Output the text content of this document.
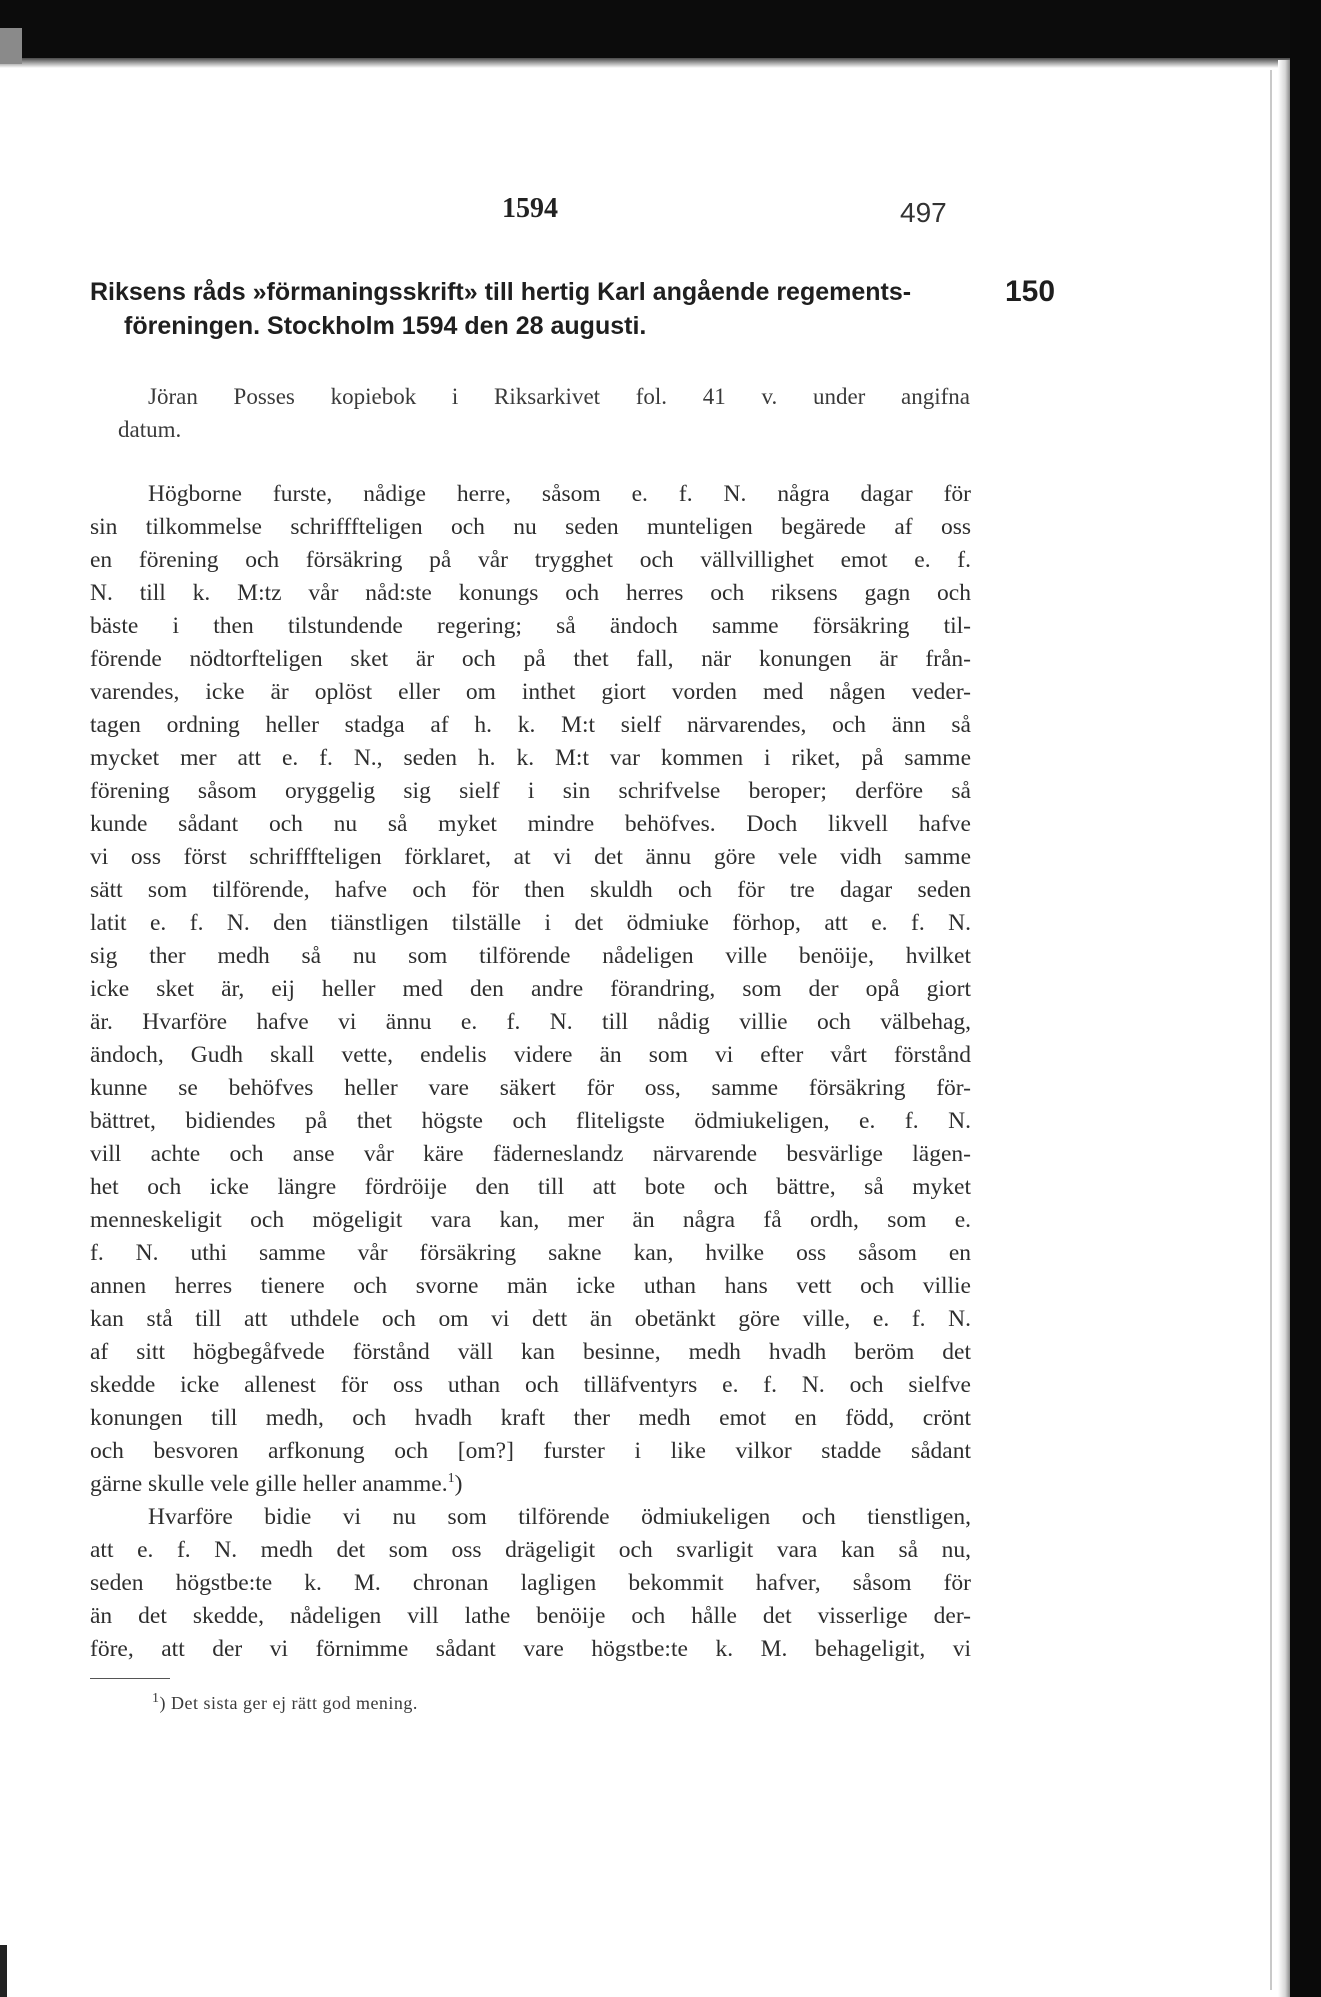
1594	497
Riksens råds »förmaningsskrift» till hertig Karl angående regements-
föreningen. Stockholm 1594 den 28 augusti.
150
Jöran Posses kopiebok i Riksarkivet fol. 41 v. under angifna
datum.
Högborne furste, nådige herre, såsom e. f. N. några dagar för
sin tilkommelse schrifffteligen och nu seden munteligen begärede af oss
en förening och försäkring på vår trygghet och vällvillighet emot e. f.
N. till k. M:tz vår nåd:ste konungs och herres och riksens gagn och
bäste i then tilstundende regering; så ändoch samme försäkring til-
förende nödtorfteligen sket är och på thet fall, när konungen är från-
varendes, icke är oplöst eller om inthet giort vorden med någen veder-
tagen ordning heller stadga af h. k. M:t sielf närvarendes, och änn så
mycket mer att e. f. N., seden h. k. M:t var kommen i riket, på samme
förening såsom oryggelig sig sielf i sin schrifvelse beroper; derföre så
kunde sådant och nu så myket mindre behöfves. Doch likvell hafve
vi oss först schrifffteligen förklaret, at vi det ännu göre vele vidh samme
sätt som tilförende, hafve och för then skuldh och för tre dagar seden
latit e. f. N. den tiänstligen tilställe i det ödmiuke förhop, att e. f. N.
sig ther medh så nu som tilförende nådeligen ville benöije, hvilket
icke sket är, eij heller med den andre förandring, som der opå giort
är. Hvarföre hafve vi ännu e. f. N. till nådig villie och välbehag,
ändoch, Gudh skall vette, endelis videre än som vi efter vårt förstånd
kunne se behöfves heller vare säkert för oss, samme försäkring för-
bättret, bidiendes på thet högste och fliteligste ödmiukeligen, e. f. N.
vill achte och anse vår käre fäderneslandz närvarende besvärlige lägen-
het och icke längre fördröije den till att bote och bättre, så myket
menneskeligit och mögeligit vara kan, mer än några få ordh, som e.
f. N. uthi samme vår försäkring sakne kan, hvilke oss såsom en
annen herres tienere och svorne män icke uthan hans vett och villie
kan stå till att uthdele och om vi dett än obetänkt göre ville, e. f. N.
af sitt högbegåfvede förstånd väll kan besinne, medh hvadh beröm det
skedde icke allenest för oss uthan och tilläfventyrs e. f. N. och sielfve
konungen till medh, och hvadh kraft ther medh emot en född, crönt
och besvoren arfkonung och [om?] furster i like vilkor stadde sådant
gärne skulle vele gille heller anamme.$^1$)
Hvarföre bidie vi nu som tilförende ödmiukeligen och tienstligen,
att e. f. N. medh det som oss drägeligit och svarligit vara kan så nu,
seden högstbe:te k. M. chronan lagligen bekommit hafver, såsom för
än det skedde, nådeligen vill lathe benöije och hålle det visserlige der-
före, att der vi förnimme sådant vare högstbe:te k. M. behageligit, vi
$^1$) Det sista ger ej rätt god mening.
